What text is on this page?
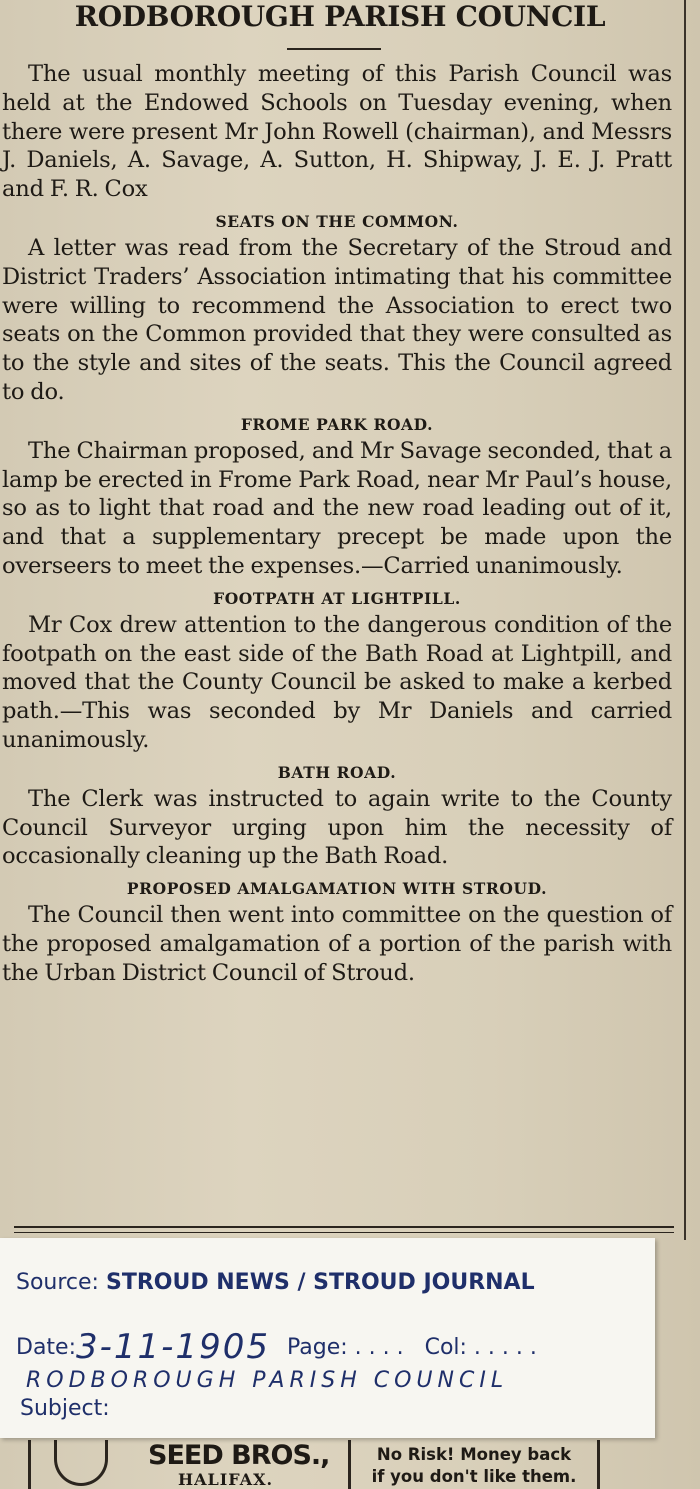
RODBOROUGH PARISH COUNCIL

The usual monthly meeting of this Parish Council was held at the Endowed Schools on Tuesday evening, when there were present Mr John Rowell (chairman), and Messrs J. Daniels, A. Savage, A. Sutton, H. Shipway, J. E. J. Pratt and F. R. Cox

SEATS ON THE COMMON.

A letter was read from the Secretary of the Stroud and District Traders’ Association intimating that his committee were willing to recommend the Association to erect two seats on the Common provided that they were consulted as to the style and sites of the seats. This the Council agreed to do.

FROME PARK ROAD.

The Chairman proposed, and Mr Savage seconded, that a lamp be erected in Frome Park Road, near Mr Paul’s house, so as to light that road and the new road leading out of it, and that a supplementary precept be made upon the overseers to meet the expenses.—Carried unanimously.

FOOTPATH AT LIGHTPILL.

Mr Cox drew attention to the dangerous condition of the footpath on the east side of the Bath Road at Lightpill, and moved that the County Council be asked to make a kerbed path.—This was seconded by Mr Daniels and carried unanimously.

BATH ROAD.

The Clerk was instructed to again write to the County Council Surveyor urging upon him the necessity of occasionally cleaning up the Bath Road.

PROPOSED AMALGAMATION WITH STROUD.

The Council then went into committee on the question of the proposed amalgamation of a portion of the parish with the Urban District Council of Stroud.

SEED BROS.,
HALIFAX.
No Risk! Money back
if you don't like them.
Source: STROUD NEWS / STROUD JOURNAL
Date:3-11-1905 Page: . . . . Col: . . . . .
RODBOROUGH PARISH COUNCIL
Subject:
